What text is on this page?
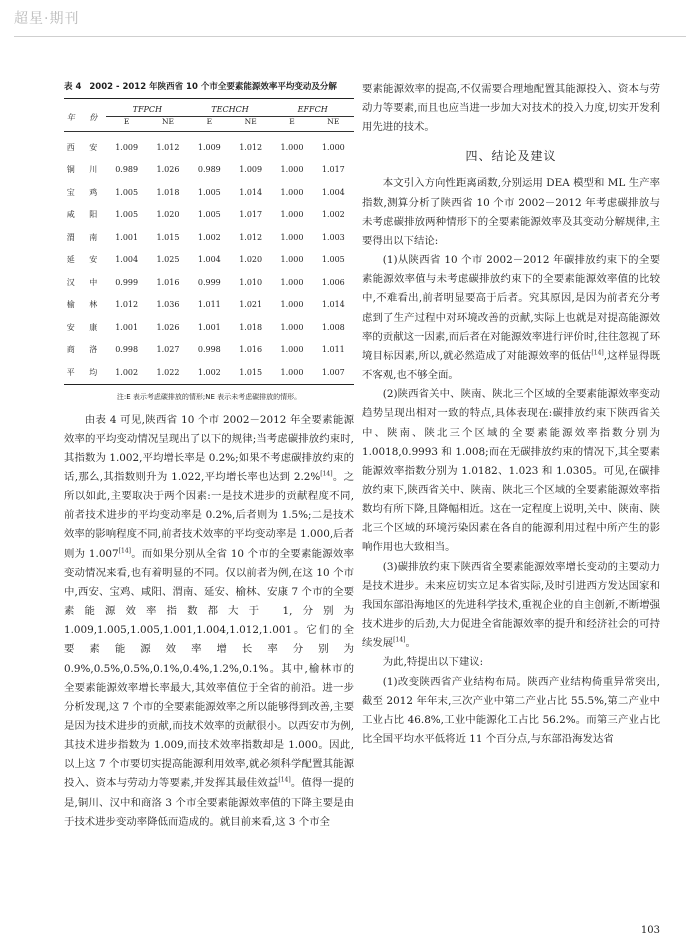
超星·期刊
表 4 2002 - 2012 年陕西省 10 个市全要素能源效率平均变动及分解
年 份	TFPCH		TECHCH		EFFCH	
	E	NE	E	NE	E	NE
西 安	1.009	1.012	1.009	1.012	1.000	1.000
铜 川	0.989	1.026	0.989	1.009	1.000	1.017
宝 鸡	1.005	1.018	1.005	1.014	1.000	1.004
咸 阳	1.005	1.020	1.005	1.017	1.000	1.002
渭 南	1.001	1.015	1.002	1.012	1.000	1.003
延 安	1.004	1.025	1.004	1.020	1.000	1.005
汉 中	0.999	1.016	0.999	1.010	1.000	1.006
榆 林	1.012	1.036	1.011	1.021	1.000	1.014
安 康	1.001	1.026	1.001	1.018	1.000	1.008
商 洛	0.998	1.027	0.998	1.016	1.000	1.011
平 均	1.002	1.022	1.002	1.015	1.000	1.007
注:E 表示考虑碳排放的情形;NE 表示未考虑碳排放的情形。

由表 4 可见,陕西省 10 个市 2002－2012 年全要素能源效率的平均变动情况呈现出了以下的规律;当考虑碳排放约束时,其指数为 1.002,平均增长率是 0.2%;如果不考虑碳排放约束的话,那么,其指数则升为 1.022,平均增长率也达到 2.2%[14]。之所以如此,主要取决于两个因素:一是技术进步的贡献程度不同,前者技术进步的平均变动率是 0.2%,后者则为 1.5%;二是技术效率的影响程度不同,前者技术效率的平均变动率是 1.000,后者则为 1.007[14]。而如果分别从全省 10 个市的全要素能源效率变动情况来看,也有着明显的不同。仅以前者为例,在这 10 个市中,西安、宝鸡、咸阳、渭南、延安、榆林、安康 7 个市的全要素能源效率指数都大于 1,分别为 1.009,1.005,1.005,1.001,1.004,1.012,1.001。它们的全要素能源效率增长率分别为 0.9%,0.5%,0.5%,0.1%,0.4%,1.2%,0.1%。其中,榆林市的全要素能源效率增长率最大,其效率值位于全省的前沿。进一步分析发现,这 7 个市的全要素能源效率之所以能够得到改善,主要是因为技术进步的贡献,而技术效率的贡献很小。以西安市为例,其技术进步指数为 1.009,而技术效率指数却是 1.000。因此,以上这 7 个市要切实提高能源利用效率,就必须科学配置其能源投入、资本与劳动力等要素,并发挥其最佳效益[14]。值得一提的是,铜川、汉中和商洛 3 个市全要素能源效率值的下降主要是由于技术进步变动率降低而造成的。就目前来看,这 3 个市全

要素能源效率的提高,不仅需要合理地配置其能源投入、资本与劳动力等要素,而且也应当进一步加大对技术的投入力度,切实开发利用先进的技术。

四、结论及建议

本文引入方向性距离函数,分别运用 DEA 模型和 ML 生产率指数,测算分析了陕西省 10 个市 2002－2012 年考虑碳排放与未考虑碳排放两种情形下的全要素能源效率及其变动分解规律,主要得出以下结论:

(1)从陕西省 10 个市 2002－2012 年碳排放约束下的全要素能源效率值与未考虑碳排放约束下的全要素能源效率值的比较中,不难看出,前者明显要高于后者。究其原因,是因为前者充分考虑到了生产过程中对环境改善的贡献,实际上也就是对提高能源效率的贡献这一因素,而后者在对能源效率进行评价时,往往忽视了环境目标因素,所以,就必然造成了对能源效率的低估[14],这样显得既不客观,也不够全面。

(2)陕西省关中、陕南、陕北三个区域的全要素能源效率变动趋势呈现出相对一致的特点,具体表现在:碳排放约束下陕西省关中、陕南、陕北三个区域的全要素能源效率指数分别为 1.0018,0.9993 和 1.008;而在无碳排放约束的情况下,其全要素能源效率指数分别为 1.0182、1.023 和 1.0305。可见,在碳排放约束下,陕西省关中、陕南、陕北三个区域的全要素能源效率指数均有所下降,且降幅相近。这在一定程度上说明,关中、陕南、陕北三个区域的环境污染因素在各自的能源利用过程中所产生的影响作用也大致相当。

(3)碳排放约束下陕西省全要素能源效率增长变动的主要动力是技术进步。未来应切实立足本省实际,及时引进西方发达国家和我国东部沿海地区的先进科学技术,重视企业的自主创新,不断增强技术进步的后劲,大力促进全省能源效率的提升和经济社会的可持续发展[14]。

为此,特提出以下建议:

(1)改变陕西省产业结构布局。陕西产业结构倚重异常突出,截至 2012 年年末,三次产业中第二产业占比 55.5%,第二产业中工业占比 46.8%,工业中能源化工占比 56.2%。而第三产业占比比全国平均水平低将近 11 个百分点,与东部沿海发达省

103
